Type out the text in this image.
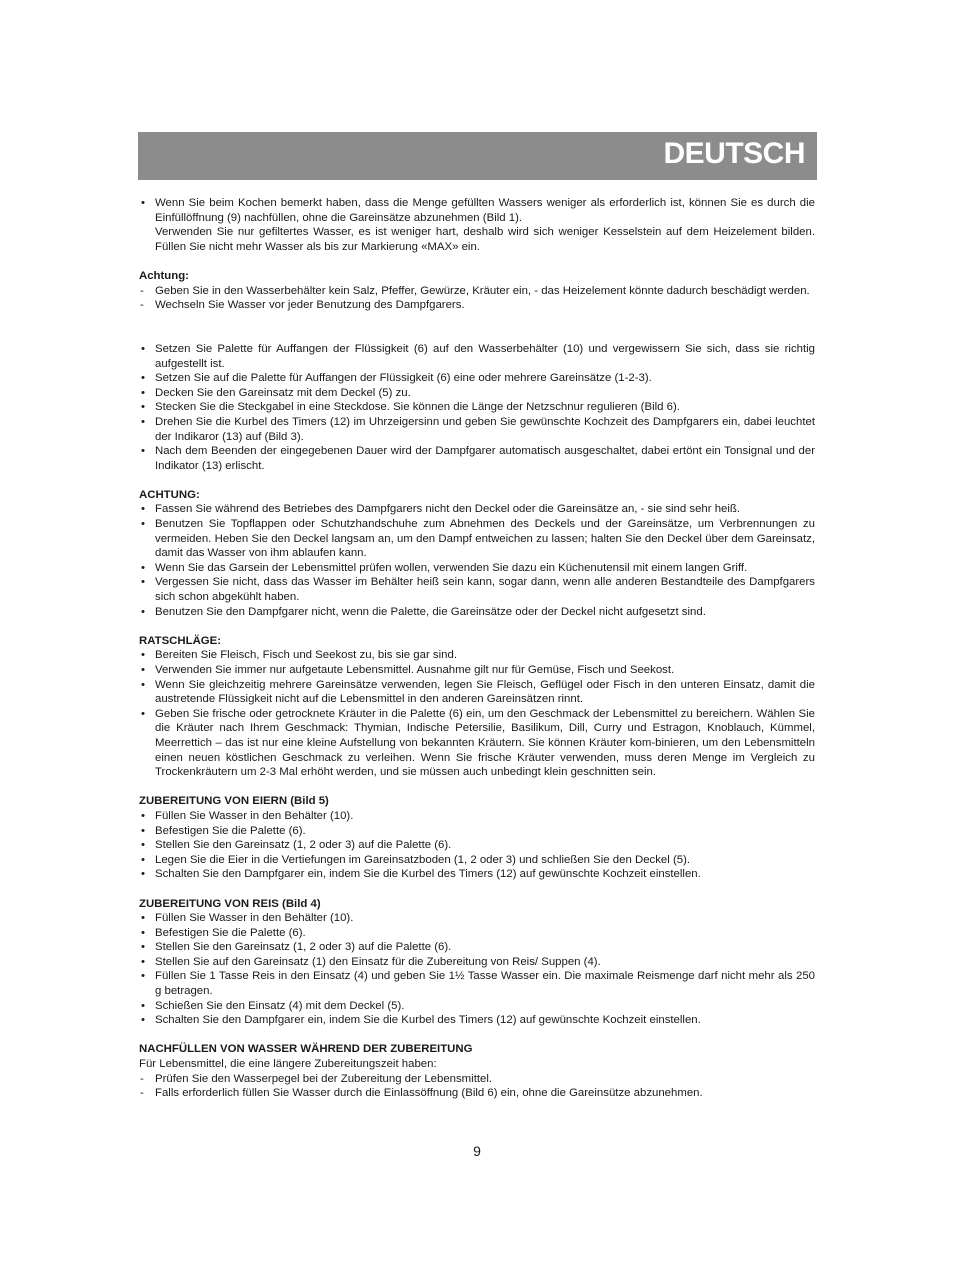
DEUTSCH
• Wenn Sie beim Kochen bemerkt haben, dass die Menge gefüllten Wassers weniger als erforderlich ist, können Sie es durch die Einfüllöffnung (9) nachfüllen, ohne die Gareinsätze abzunehmen (Bild 1).
Verwenden Sie nur gefiltertes Wasser, es ist weniger hart, deshalb wird sich weniger Kesselstein auf dem Heizelement bilden. Füllen Sie nicht mehr Wasser als bis zur Markierung «MAX» ein.
Achtung:
- Geben Sie in den Wasserbehälter kein Salz, Pfeffer, Gewürze, Kräuter ein, - das Heizelement könnte dadurch beschädigt werden.
- Wechseln Sie Wasser vor jeder Benutzung des Dampfgarers.
• Setzen Sie Palette für Auffangen der Flüssigkeit (6) auf den Wasserbehälter (10) und vergewissern Sie sich, dass sie richtig aufgestellt ist.
• Setzen Sie auf die Palette für Auffangen der Flüssigkeit (6) eine oder mehrere Gareinsätze (1-2-3).
• Decken Sie den Gareinsatz mit dem Deckel (5) zu.
• Stecken Sie die Steckgabel in eine Steckdose. Sie können die Länge der Netzschnur regulieren (Bild 6).
• Drehen Sie die Kurbel des Timers (12) im Uhrzeigersinn und geben Sie gewünschte Kochzeit des Dampfgarers ein, dabei leuchtet der Indikaror (13) auf (Bild 3).
• Nach dem Beenden der eingegebenen Dauer wird der Dampfgarer automatisch ausgeschaltet, dabei ertönt ein Tonsignal und der Indikator (13) erlischt.
ACHTUNG:
• Fassen Sie während des Betriebes des Dampfgarers nicht den Deckel oder die Gareinsätze an, - sie sind sehr heiß.
• Benutzen Sie Topflappen oder Schutzhandschuhe zum Abnehmen des Deckels und der Gareinsätze, um Verbrennungen zu vermeiden. Heben Sie den Deckel langsam an, um den Dampf entweichen zu lassen; halten Sie den Deckel über dem Gareinsatz, damit das Wasser von ihm ablaufen kann.
• Wenn Sie das Garsein der Lebensmittel prüfen wollen, verwenden Sie dazu ein Küchenutensil mit einem langen Griff.
• Vergessen Sie nicht, dass das Wasser im Behälter heiß sein kann, sogar dann, wenn alle anderen Bestandteile des Dampfgarers sich schon abgekühlt haben.
• Benutzen Sie den Dampfgarer nicht, wenn die Palette, die Gareinsätze oder der Deckel nicht aufgesetzt sind.
RATSCHLÄGE:
• Bereiten Sie Fleisch, Fisch und Seekost zu, bis sie gar sind.
• Verwenden Sie immer nur aufgetaute Lebensmittel. Ausnahme gilt nur für Gemüse, Fisch und Seekost.
• Wenn Sie gleichzeitig mehrere Gareinsätze verwenden, legen Sie Fleisch, Geflügel oder Fisch in den unteren Einsatz, damit die austretende Flüssigkeit nicht auf die Lebensmittel in den anderen Gareinsätzen rinnt.
• Geben Sie frische oder getrocknete Kräuter in die Palette (6) ein, um den Geschmack der Lebensmittel zu bereichern. Wählen Sie die Kräuter nach Ihrem Geschmack: Thymian, Indische Petersilie, Basilikum, Dill, Curry und Estragon, Knoblauch, Kümmel, Meerrettich – das ist nur eine kleine Aufstellung von bekannten Kräutern. Sie können Kräuter kom-binieren, um den Lebensmitteln einen neuen köstlichen Geschmack zu verleihen. Wenn Sie frische Kräuter verwenden, muss deren Menge im Vergleich zu Trockenkräutern um 2-3 Mal erhöht werden, und sie müssen auch unbedingt klein geschnitten sein.
ZUBEREITUNG VON EIERN (Bild 5)
• Füllen Sie Wasser in den Behälter (10).
• Befestigen Sie die Palette (6).
• Stellen Sie den Gareinsatz (1, 2 oder 3) auf die Palette (6).
• Legen Sie die Eier in die Vertiefungen im Gareinsatzboden (1, 2 oder 3) und schließen Sie den Deckel (5).
• Schalten Sie den Dampfgarer ein, indem Sie die Kurbel des Timers (12) auf gewünschte Kochzeit einstellen.
ZUBEREITUNG VON REIS (Bild 4)
• Füllen Sie Wasser in den Behälter (10).
• Befestigen Sie die Palette (6).
• Stellen Sie den Gareinsatz (1, 2 oder 3) auf die Palette (6).
• Stellen Sie auf den Gareinsatz (1) den Einsatz für die Zubereitung von Reis/ Suppen (4).
• Füllen Sie 1 Tasse Reis in den Einsatz (4) und geben Sie 1½ Tasse Wasser ein. Die maximale Reismenge darf nicht mehr als 250 g betragen.
• Schießen Sie den Einsatz (4) mit dem Deckel (5).
• Schalten Sie den Dampfgarer ein, indem Sie die Kurbel des Timers (12) auf gewünschte Kochzeit einstellen.
NACHFÜLLEN VON WASSER WÄHREND DER ZUBEREITUNG
Für Lebensmittel, die eine längere Zubereitungszeit haben:
- Prüfen Sie den Wasserpegel bei der Zubereitung der Lebensmittel.
- Falls erforderlich füllen Sie Wasser durch die Einlassöffnung (Bild 6) ein, ohne die Gareinsütze abzunehmen.
9
